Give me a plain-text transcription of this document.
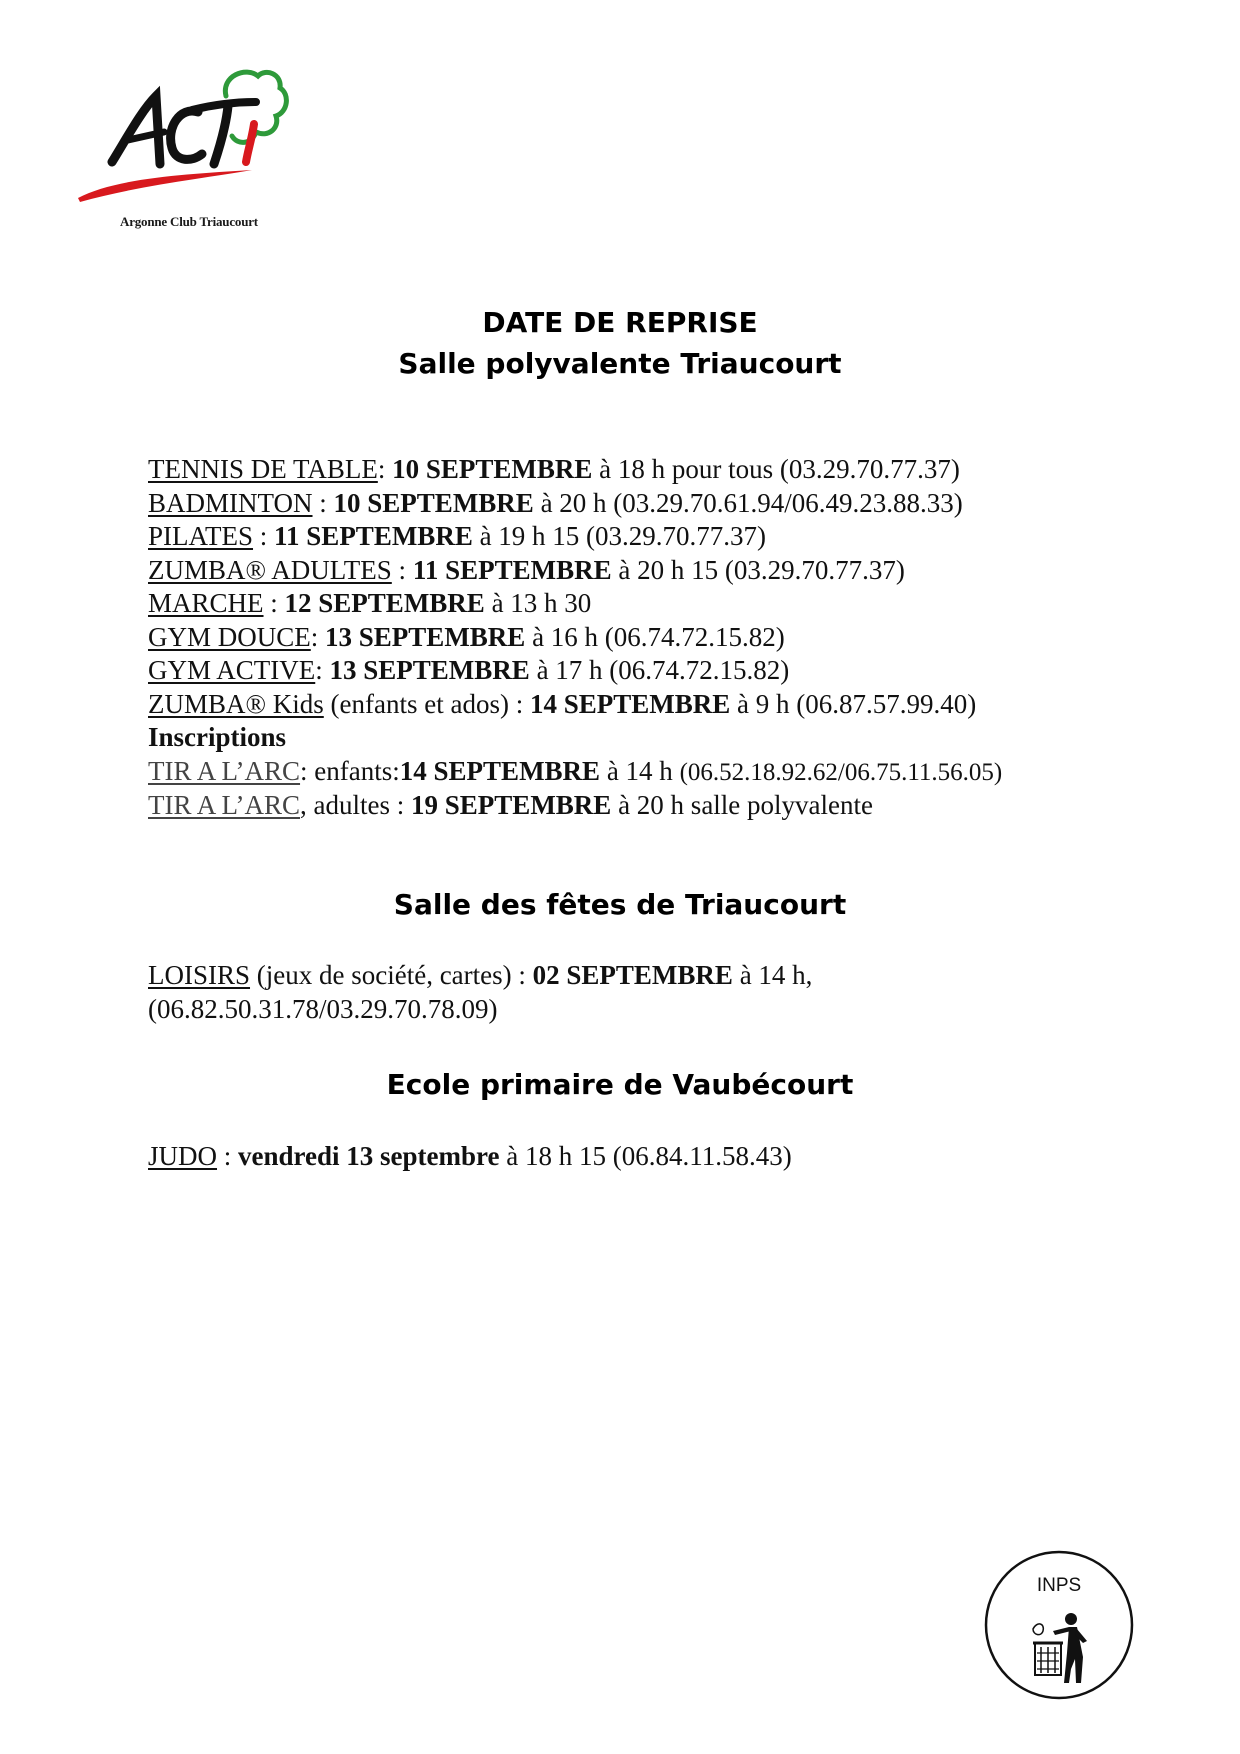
Argonne Club Triaucourt
DATE DE REPRISE
Salle polyvalente Triaucourt
TENNIS DE TABLE: 10 SEPTEMBRE à 18 h pour tous (03.29.70.77.37)
BADMINTON : 10 SEPTEMBRE à 20 h (03.29.70.61.94/06.49.23.88.33)
PILATES : 11 SEPTEMBRE à 19 h 15 (03.29.70.77.37)
ZUMBA® ADULTES : 11 SEPTEMBRE à 20 h 15 (03.29.70.77.37)
MARCHE : 12 SEPTEMBRE à 13 h 30
GYM DOUCE: 13 SEPTEMBRE à 16 h (06.74.72.15.82)
GYM ACTIVE: 13 SEPTEMBRE à 17 h (06.74.72.15.82)
ZUMBA® Kids (enfants et ados) : 14 SEPTEMBRE à 9 h (06.87.57.99.40)
Inscriptions
TIR A L’ARC: enfants:14 SEPTEMBRE à 14 h (06.52.18.92.62/06.75.11.56.05)
TIR A L’ARC, adultes : 19 SEPTEMBRE à 20 h salle polyvalente
Salle des fêtes de Triaucourt
LOISIRS (jeux de société, cartes) : 02 SEPTEMBRE à 14 h,
(06.82.50.31.78/03.29.70.78.09)
Ecole primaire de Vaubécourt
JUDO : vendredi 13 septembre à 18 h 15 (06.84.11.58.43)
INPS
